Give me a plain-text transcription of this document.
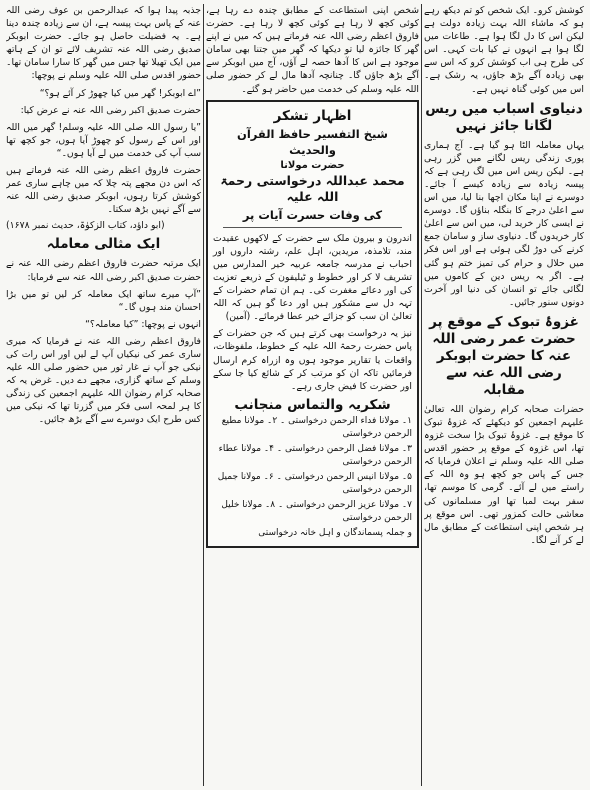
کوشش کرو۔ ایک شخص کو تم دیکھ رہے ہو کہ ماشاء اللہ بہت زیادہ دولت ہے لیکن اس کا دل لگا ہوا ہے۔ طاعات میں لگا ہوا ہے انہوں نے کیا بات کہی۔ اس کی طرح ہی اب کوشش کرو کہ اس سے بھی زیادہ آگے بڑھ جاؤں، یہ رشک ہے۔ اس میں کوئی گناہ نہیں ہے۔

دنیاوی اسباب میں ریس لگانا جائز نہیں

یہاں معاملہ الٹا ہو گیا ہے۔ آج ہماری پوری زندگی ریس لگانے میں گزر رہی ہے۔ لیکن ریس اس میں لگ رہی ہے کہ پیسہ زیادہ سے زیادہ کیسے آ جائے۔ دوسرے نے اپنا مکان اچھا بنا لیا، میں اس سے اعلیٰ درجے کا بنگلہ بناؤں گا۔ دوسرے نے ایسی کار خرید لی، میں اس سے اعلیٰ کار خریدوں گا۔ دنیاوی ساز و سامان جمع کرنے کی دوڑ لگی ہوئی ہے اور اس فکر میں حلال و حرام کی تمیز ختم ہو گئی ہے۔ اگر یہ ریس دین کے کاموں میں لگائی جائے تو انسان کی دنیا اور آخرت دونوں سنور جائیں۔

غزوۂ تبوک کے موقع پر حضرت عمر رضی اللہ عنہ کا حضرت ابوبکر رضی اللہ عنہ سے مقابلہ

حضرات صحابہ کرام رضوان اللہ تعالیٰ علیہم اجمعین کو دیکھئے کہ غزوۂ تبوک کا موقع ہے۔ غزوۂ تبوک بڑا سخت غزوہ تھا، اس غزوہ کے موقع پر حضور اقدس صلی اللہ علیہ وسلم نے اعلان فرمایا کہ جس کے پاس جو کچھ ہو وہ اللہ کے راستے میں لے آئے۔ گرمی کا موسم تھا، سفر بہت لمبا تھا اور مسلمانوں کی معاشی حالت کمزور تھی۔ اس موقع پر ہر شخص اپنی استطاعت کے مطابق مال لے کر آنے لگا۔

شخص اپنی استطاعت کے مطابق چندہ دے رہا ہے، کوئی کچھ لا رہا ہے کوئی کچھ لا رہا ہے۔ حضرت فاروق اعظم رضی اللہ عنہ فرماتے ہیں کہ میں نے اپنے گھر کا جائزہ لیا تو دیکھا کہ گھر میں جتنا بھی سامان موجود ہے اس کا آدھا حصہ لے آؤں، آج میں ابوبکر سے آگے بڑھ جاؤں گا۔ چنانچہ آدھا مال لے کر حضور صلی اللہ علیہ وسلم کی خدمت میں حاضر ہو گئے۔

اظہار تشکر
شیخ التفسیر حافظ القرآن والحدیث
حضرت مولانا
محمد عبداللہ درخواستی رحمۃ اللہ علیہ
کی وفات حسرت آیات پر

اندرون و بیرون ملک سے حضرت کے لاکھوں عقیدت مند، تلامذہ، مریدین، اہل علم، رشتہ داروں اور احباب نے مدرسہ جامعہ عربیہ خیر المدارس میں تشریف لا کر اور خطوط و ٹیلیفون کے ذریعے تعزیت کی اور دعائے مغفرت کی۔ ہم ان تمام حضرات کے تہہ دل سے مشکور ہیں اور دعا گو ہیں کہ اللہ تعالیٰ ان سب کو جزائے خیر عطا فرمائے۔ (آمین)

نیز یہ درخواست بھی کرتے ہیں کہ جن حضرات کے پاس حضرت رحمۃ اللہ علیہ کے خطوط، ملفوظات، واقعات یا تقاریر موجود ہوں وہ ازراہ کرم ارسال فرمائیں تاکہ ان کو مرتب کر کے شائع کیا جا سکے اور حضرت کا فیض جاری رہے۔

شکریہ والتماس منجانب
۱۔ مولانا فداء الرحمن درخواستی ۔ ۲۔ مولانا مطیع الرحمن درخواستی
۳۔ مولانا فضل الرحمن درخواستی ۔ ۴۔ مولانا عطاء الرحمن درخواستی
۵۔ مولانا انیس الرحمن درخواستی ۔ ۶۔ مولانا جمیل الرحمن درخواستی
۷۔ مولانا عزیز الرحمن درخواستی ۔ ۸۔ مولانا خلیل الرحمن درخواستی
و جملہ پسماندگان و اہل خانہ درخواستی

جذبہ پیدا ہوا کہ عبدالرحمن بن عوف رضی اللہ عنہ کے پاس بہت پیسہ ہے، ان سے زیادہ چندہ دینا ہے۔ یہ فضیلت حاصل ہو جائے۔ حضرت ابوبکر صدیق رضی اللہ عنہ تشریف لائے تو ان کے ہاتھ میں ایک تھیلا تھا جس میں گھر کا سارا سامان تھا۔ حضور اقدس صلی اللہ علیہ وسلم نے پوچھا:

”اے ابوبکر! گھر میں کیا چھوڑ کر آئے ہو؟“

حضرت صدیق اکبر رضی اللہ عنہ نے عرض کیا:

”یا رسول اللہ صلی اللہ علیہ وسلم! گھر میں اللہ اور اس کے رسول کو چھوڑ آیا ہوں، جو کچھ تھا سب آپ کی خدمت میں لے آیا ہوں۔“

حضرت فاروق اعظم رضی اللہ عنہ فرماتے ہیں کہ اس دن مجھے پتہ چلا کہ میں چاہے ساری عمر کوشش کرتا رہوں، ابوبکر صدیق رضی اللہ عنہ سے آگے نہیں بڑھ سکتا۔

(ابو داؤد، کتاب الزکوٰۃ، حدیث نمبر ۱۶۷۸)
ایک مثالی معاملہ

ایک مرتبہ حضرت فاروق اعظم رضی اللہ عنہ نے حضرت صدیق اکبر رضی اللہ عنہ سے فرمایا:

”آپ میرے ساتھ ایک معاملہ کر لیں تو میں بڑا احسان مند ہوں گا۔“

انہوں نے پوچھا: ”کیا معاملہ؟“

فاروق اعظم رضی اللہ عنہ نے فرمایا کہ میری ساری عمر کی نیکیاں آپ لے لیں اور اس رات کی نیکی جو آپ نے غار ثور میں حضور صلی اللہ علیہ وسلم کے ساتھ گزاری، مجھے دے دیں۔ غرض یہ کہ صحابہ کرام رضوان اللہ علیہم اجمعین کی زندگی کا ہر لمحہ اسی فکر میں گزرتا تھا کہ نیکی میں کس طرح ایک دوسرے سے آگے بڑھ جائیں۔
